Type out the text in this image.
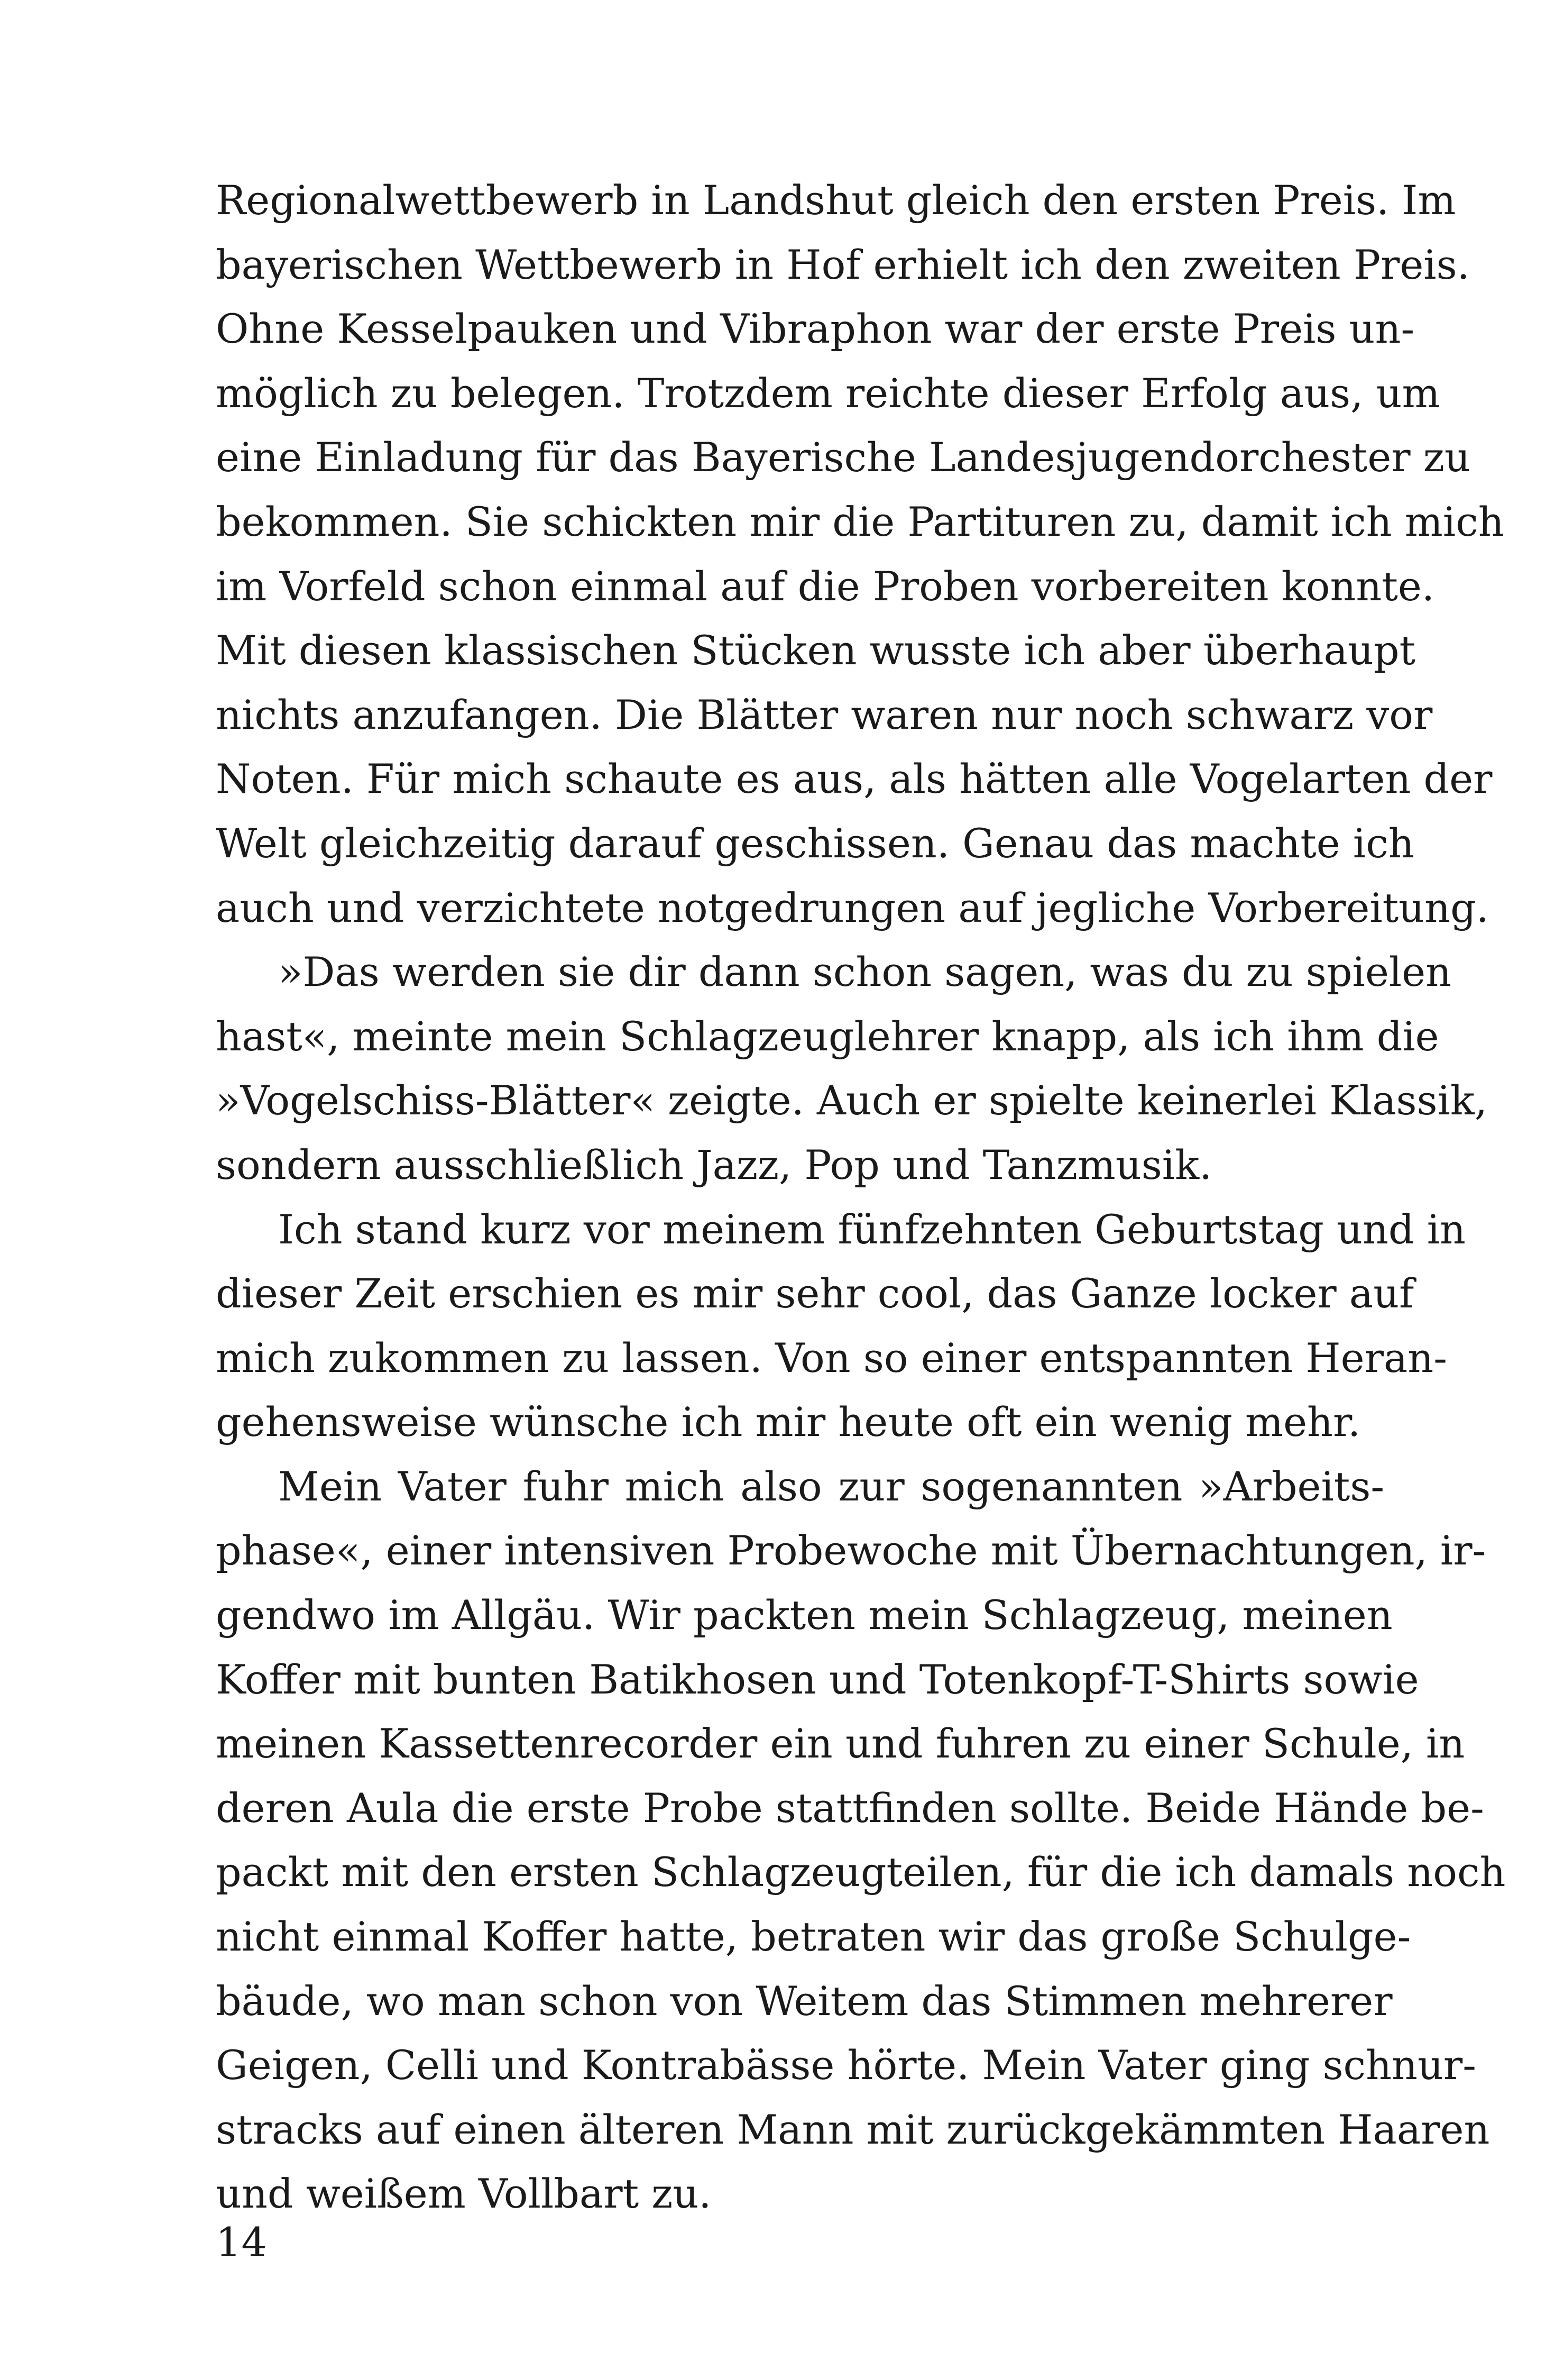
Regionalwettbewerb in Landshut gleich den ersten Preis. Im
bayerischen Wettbewerb in Hof erhielt ich den zweiten Preis.
Ohne Kesselpauken und Vibraphon war der erste Preis un-
möglich zu belegen. Trotzdem reichte dieser Erfolg aus, um
eine Einladung für das Bayerische Landesjugendorchester zu
bekommen. Sie schickten mir die Partituren zu, damit ich mich
im Vorfeld schon einmal auf die Proben vorbereiten konnte.
Mit diesen klassischen Stücken wusste ich aber überhaupt
nichts anzufangen. Die Blätter waren nur noch schwarz vor
Noten. Für mich schaute es aus, als hätten alle Vogelarten der
Welt gleichzeitig darauf geschissen. Genau das machte ich
auch und verzichtete notgedrungen auf jegliche Vorbereitung.
»Das werden sie dir dann schon sagen, was du zu spielen
hast«, meinte mein Schlagzeuglehrer knapp, als ich ihm die
»Vogelschiss-Blätter« zeigte. Auch er spielte keinerlei Klassik,
sondern ausschließlich Jazz, Pop und Tanzmusik.
Ich stand kurz vor meinem fünfzehnten Geburtstag und in
dieser Zeit erschien es mir sehr cool, das Ganze locker auf
mich zukommen zu lassen. Von so einer entspannten Heran-
gehensweise wünsche ich mir heute oft ein wenig mehr.
Mein Vater fuhr mich also zur sogenannten »Arbeits-
phase«, einer intensiven Probewoche mit Übernachtungen, ir-
gendwo im Allgäu. Wir packten mein Schlagzeug, meinen
Koffer mit bunten Batikhosen und Totenkopf-T-Shirts sowie
meinen Kassettenrecorder ein und fuhren zu einer Schule, in
deren Aula die erste Probe stattfinden sollte. Beide Hände be-
packt mit den ersten Schlagzeugteilen, für die ich damals noch
nicht einmal Koffer hatte, betraten wir das große Schulge-
bäude, wo man schon von Weitem das Stimmen mehrerer
Geigen, Celli und Kontrabässe hörte. Mein Vater ging schnur-
stracks auf einen älteren Mann mit zurückgekämmten Haaren
und weißem Vollbart zu.
14
